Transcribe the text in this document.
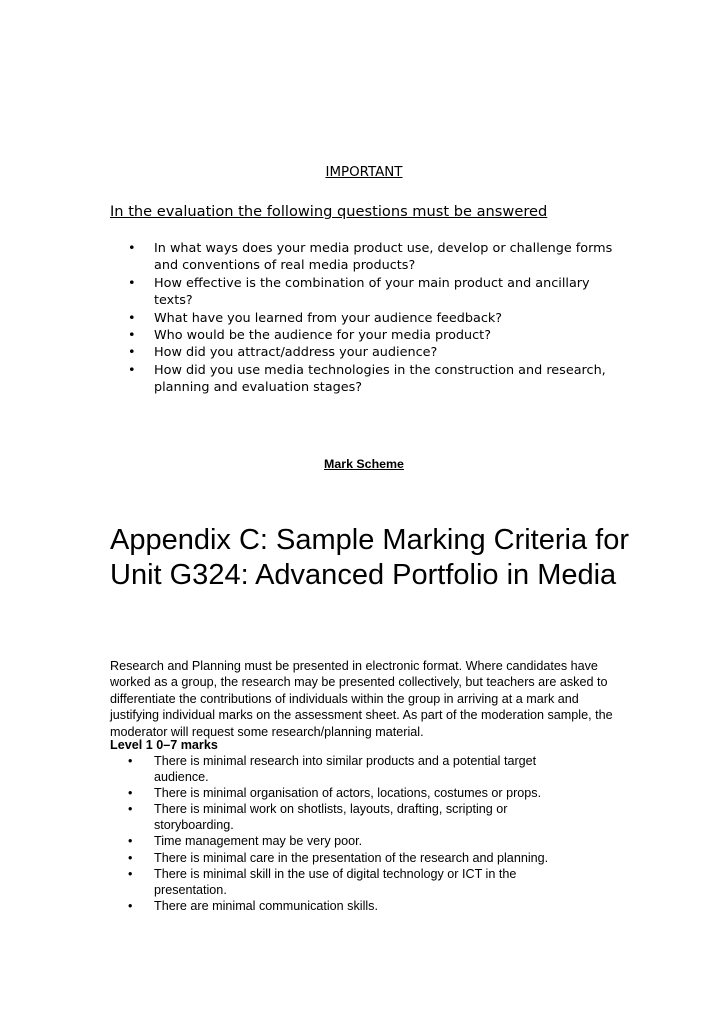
IMPORTANT
In the evaluation the following questions must be answered
• In what ways does your media product use, develop or challenge forms and conventions of real media products?
• How effective is the combination of your main product and ancillary texts?
• What have you learned from your audience feedback?
• Who would be the audience for your media product?
• How did you attract/address your audience?
• How did you use media technologies in the construction and research, planning and evaluation stages?
Mark Scheme
Appendix C: Sample Marking Criteria for Unit G324: Advanced Portfolio in Media

Research and Planning must be presented in electronic format. Where candidates have worked as a group, the research may be presented collectively, but teachers are asked to differentiate the contributions of individuals within the group in arriving at a mark and justifying individual marks on the assessment sheet. As part of the moderation sample, the moderator will request some research/planning material.

Level 1 0–7 marks
• There is minimal research into similar products and a potential target audience.
• There is minimal organisation of actors, locations, costumes or props.
• There is minimal work on shotlists, layouts, drafting, scripting or storyboarding.
• Time management may be very poor.
• There is minimal care in the presentation of the research and planning.
• There is minimal skill in the use of digital technology or ICT in the presentation.
• There are minimal communication skills.
